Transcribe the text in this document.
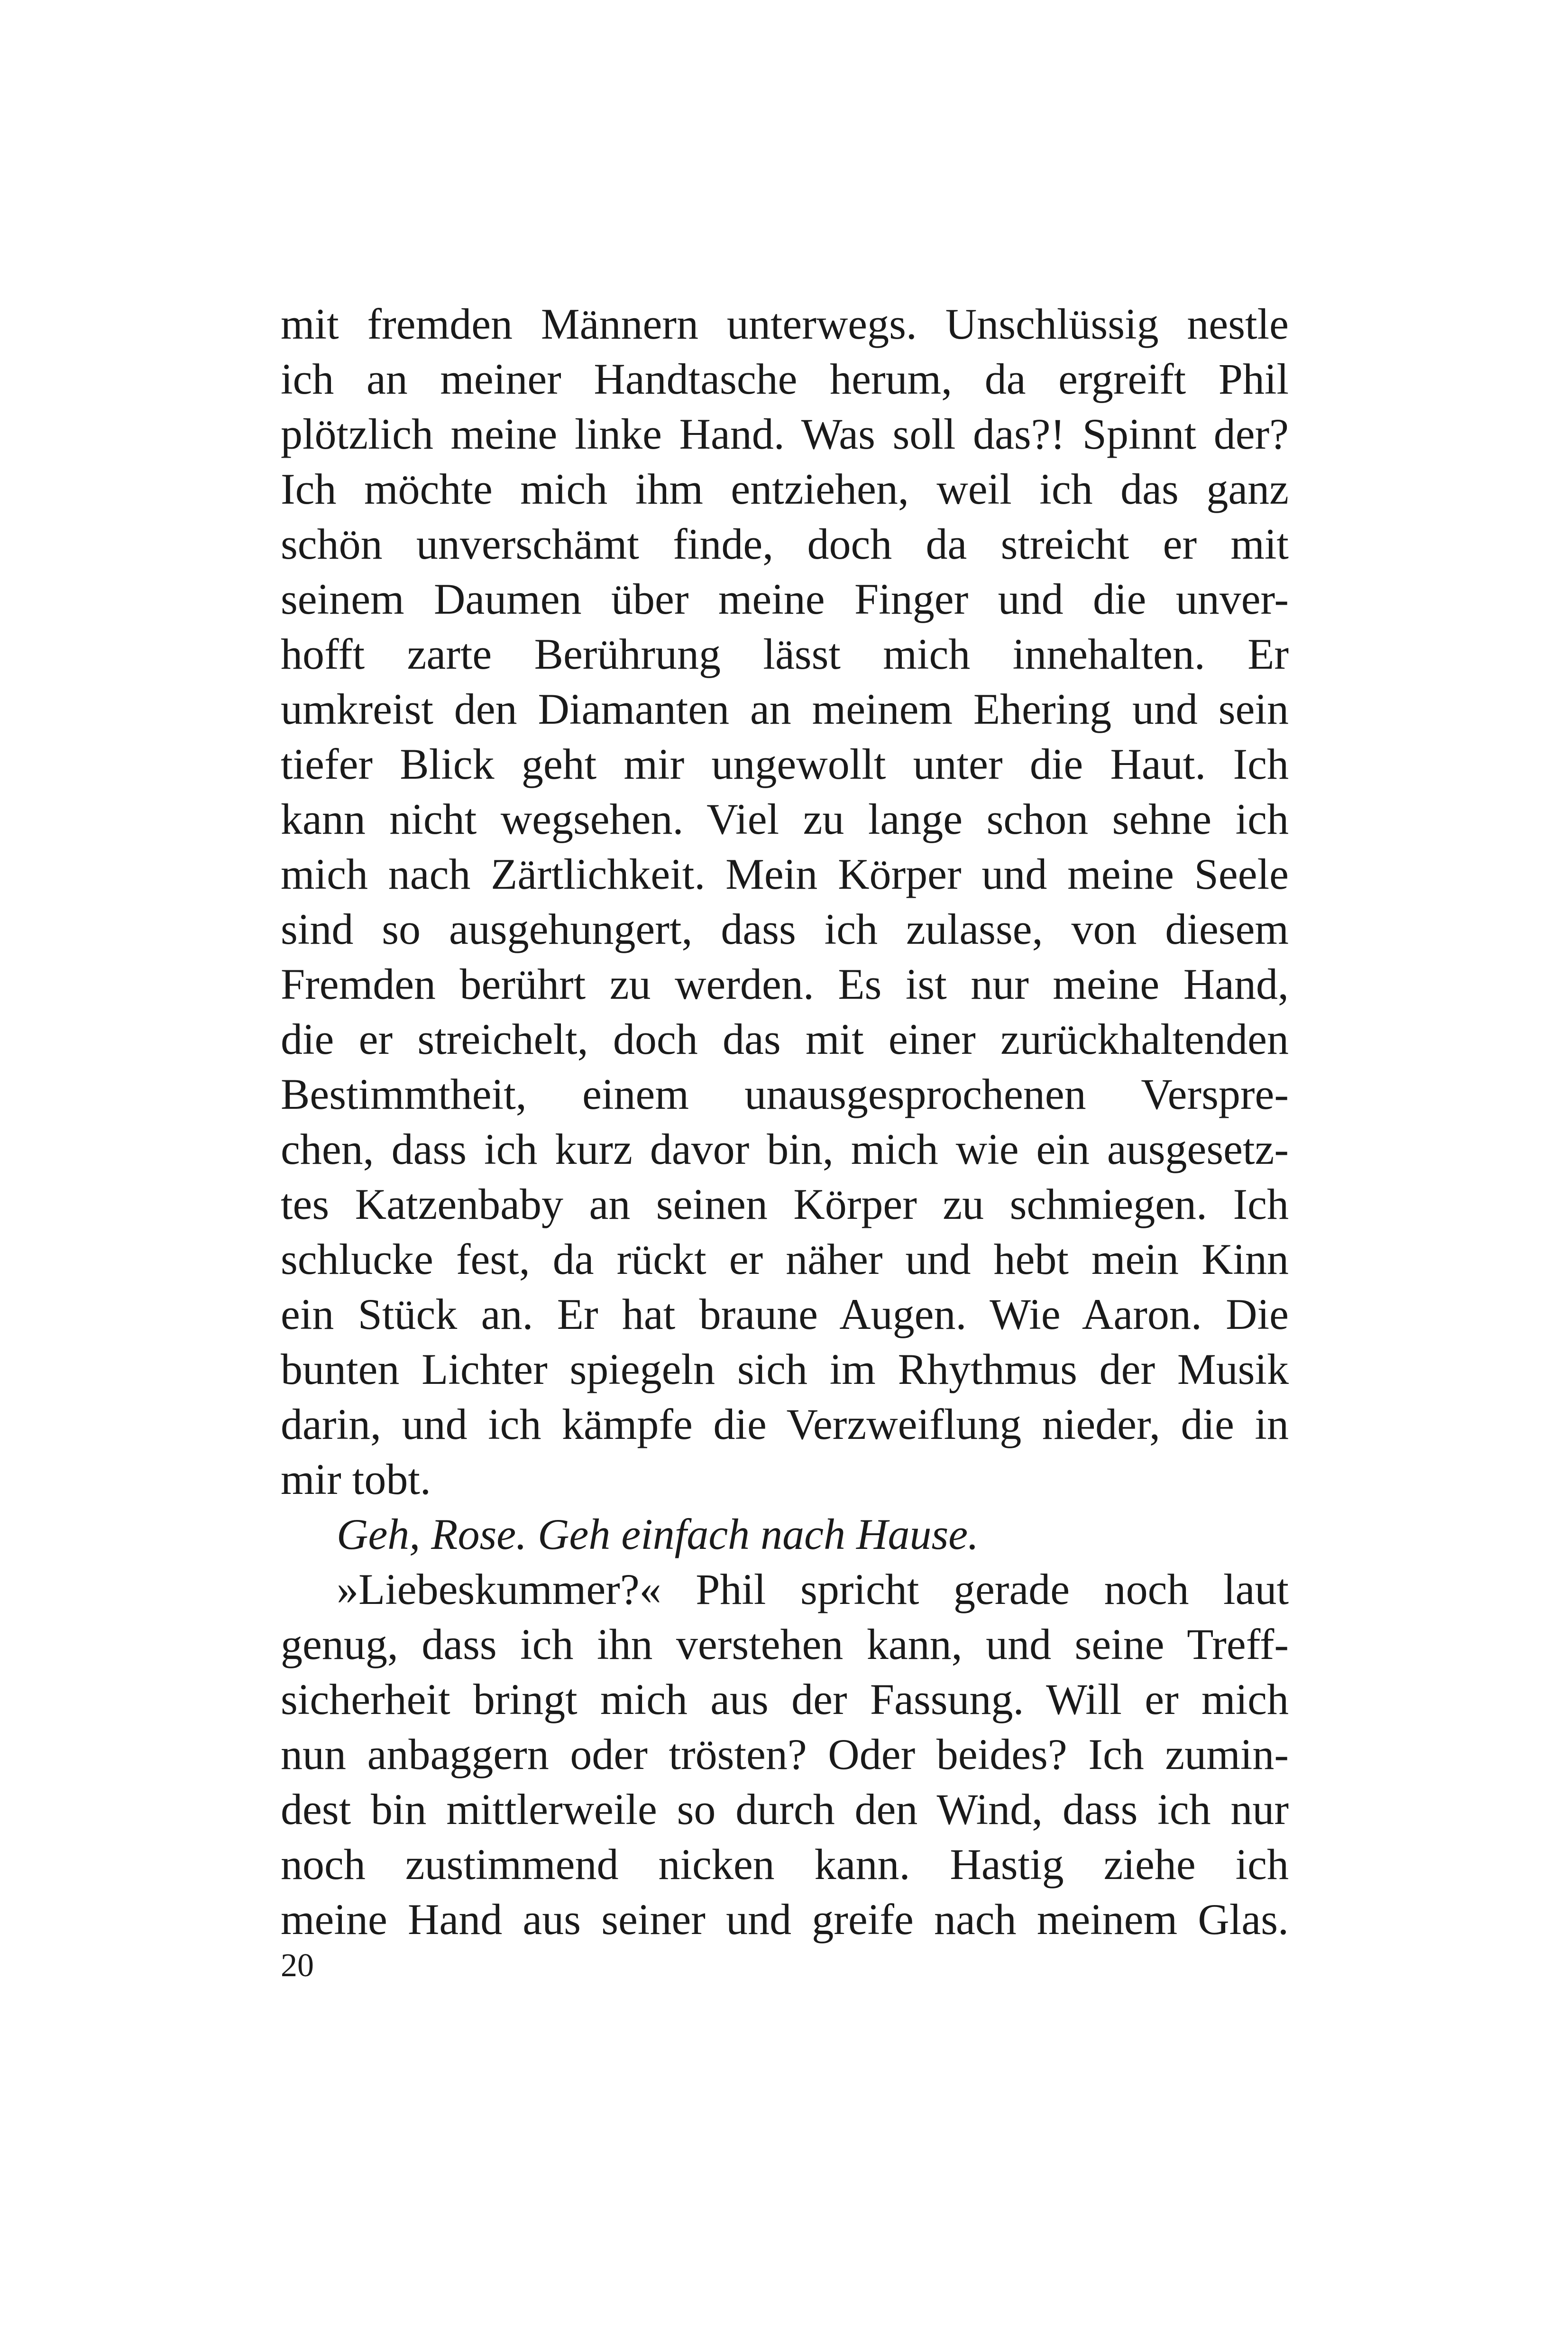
mit fremden Männern unterwegs. Unschlüssig nestle
ich an meiner Handtasche herum, da ergreift Phil
plötzlich meine linke Hand. Was soll das?! Spinnt der?
Ich möchte mich ihm entziehen, weil ich das ganz
schön unverschämt finde, doch da streicht er mit
seinem Daumen über meine Finger und die unver-
hofft zarte Berührung lässt mich innehalten. Er
umkreist den Diamanten an meinem Ehering und sein
tiefer Blick geht mir ungewollt unter die Haut. Ich
kann nicht wegsehen. Viel zu lange schon sehne ich
mich nach Zärtlichkeit. Mein Körper und meine Seele
sind so ausgehungert, dass ich zulasse, von diesem
Fremden berührt zu werden. Es ist nur meine Hand,
die er streichelt, doch das mit einer zurückhaltenden
Bestimmtheit, einem unausgesprochenen Verspre-
chen, dass ich kurz davor bin, mich wie ein ausgesetz-
tes Katzenbaby an seinen Körper zu schmiegen. Ich
schlucke fest, da rückt er näher und hebt mein Kinn
ein Stück an. Er hat braune Augen. Wie Aaron. Die
bunten Lichter spiegeln sich im Rhythmus der Musik
darin, und ich kämpfe die Verzweiflung nieder, die in
mir tobt.
Geh, Rose. Geh einfach nach Hause.
»Liebeskummer?« Phil spricht gerade noch laut
genug, dass ich ihn verstehen kann, und seine Treff-
sicherheit bringt mich aus der Fassung. Will er mich
nun anbaggern oder trösten? Oder beides? Ich zumin-
dest bin mittlerweile so durch den Wind, dass ich nur
noch zustimmend nicken kann. Hastig ziehe ich
meine Hand aus seiner und greife nach meinem Glas.
20
